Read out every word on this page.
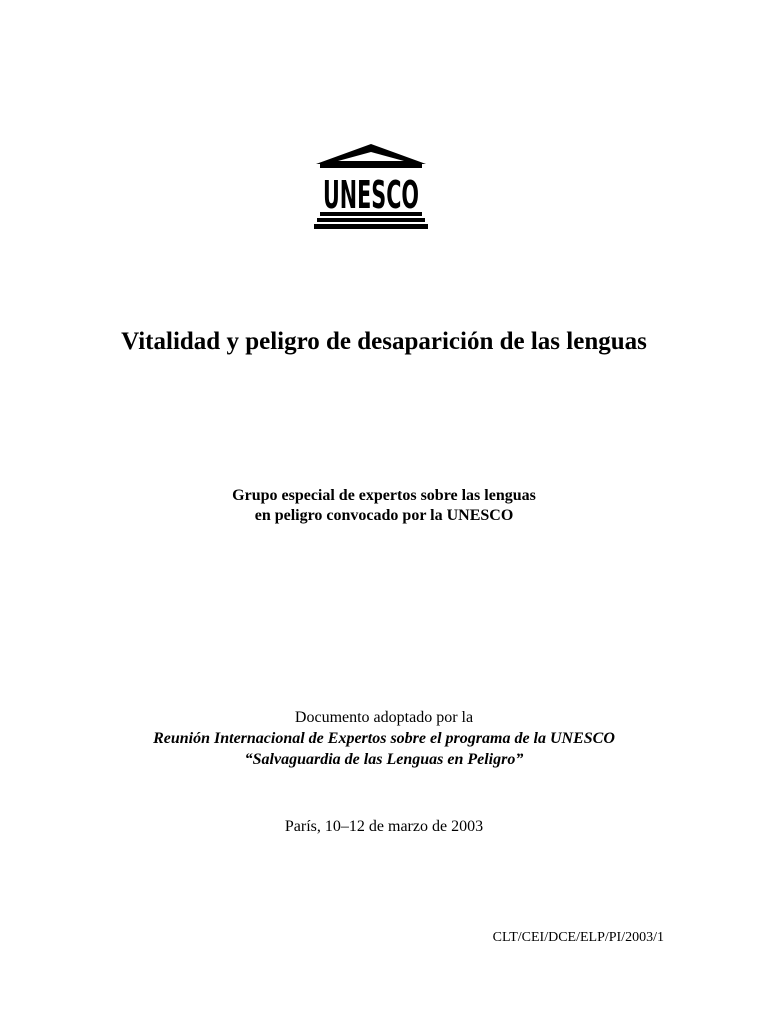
UNESCO
Vitalidad y peligro de desaparición de las lenguas
Grupo especial de expertos sobre las lenguas
en peligro convocado por la UNESCO
Documento adoptado por la
Reunión Internacional de Expertos sobre el programa de la UNESCO
“Salvaguardia de las Lenguas en Peligro”
París, 10–12 de marzo de 2003
CLT/CEI/DCE/ELP/PI/2003/1
